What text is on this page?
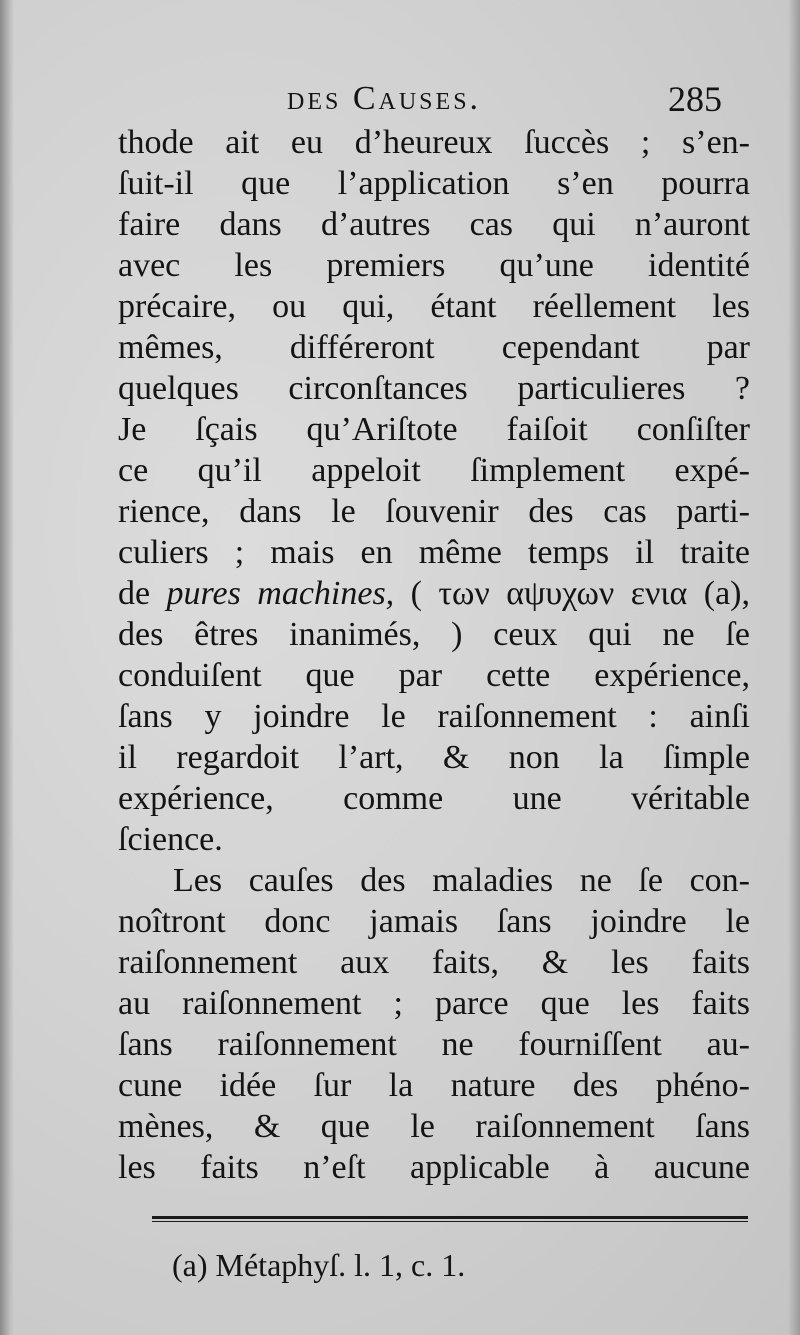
des Causes.	285
thode ait eu d’heureux ſuccès ; s’en-
ſuit-il que l’application s’en pourra
faire dans d’autres cas qui n’auront
avec les premiers qu’une identité
précaire, ou qui, étant réellement les
mêmes, différeront cependant par
quelques circonſtances particulieres ?
Je ſçais qu’Ariſtote faiſoit conſiſter
ce qu’il appeloit ſimplement expé-
rience, dans le ſouvenir des cas parti-
culiers ; mais en même temps il traite
de pures machines, ( των αψυχων ενια (a),
des êtres inanimés, ) ceux qui ne ſe
conduiſent que par cette expérience,
ſans y joindre le raiſonnement : ainſi
il regardoit l’art, & non la ſimple
expérience, comme une véritable
ſcience.
Les cauſes des maladies ne ſe con-
noîtront donc jamais ſans joindre le
raiſonnement aux faits, & les faits
au raiſonnement ; parce que les faits
ſans raiſonnement ne fourniſſent au-
cune idée ſur la nature des phéno-
mènes, & que le raiſonnement ſans
les faits n’eſt applicable à aucune
(a) Métaphyſ. l. 1, c. 1.
